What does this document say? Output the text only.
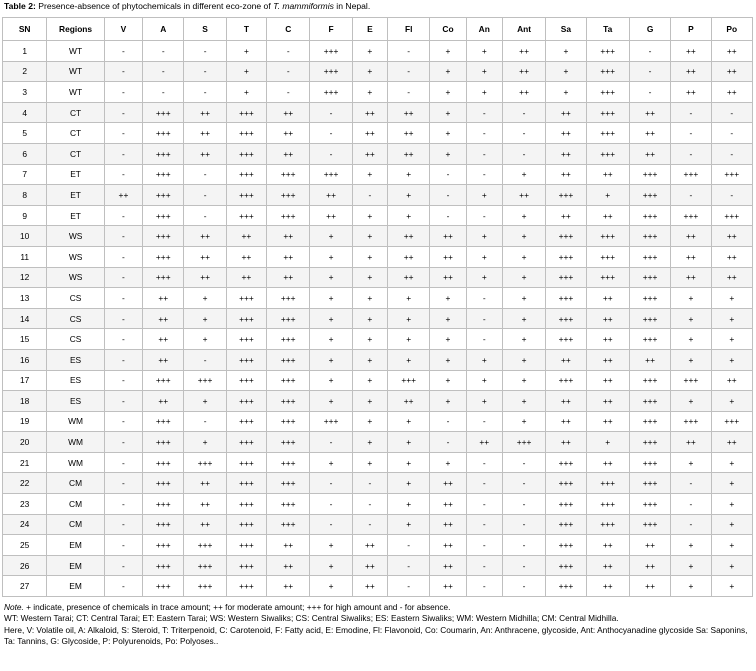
Table 2: Presence-absence of phytochemicals in different eco-zone of T. mammiformis in Nepal.
SN	Regions	V	A	S	T	C	F	E	Fl	Co	An	Ant	Sa	Ta	G	P	Po
1	WT	-	-	-	+	-	+++	+	-	+	+	++	+	+++	-	++	++
2	WT	-	-	-	+	-	+++	+	-	+	+	++	+	+++	-	++	++
3	WT	-	-	-	+	-	+++	+	-	+	+	++	+	+++	-	++	++
4	CT	-	+++	++	+++	++	-	++	++	+	-	-	++	+++	++	-	-
5	CT	-	+++	++	+++	++	-	++	++	+	-	-	++	+++	++	-	-
6	CT	-	+++	++	+++	++	-	++	++	+	-	-	++	+++	++	-	-
7	ET	-	+++	-	+++	+++	+++	+	+	-	-	+	++	++	+++	+++	+++
8	ET	++	+++	-	+++	+++	++	-	+	-	+	++	+++	+	+++	-	-
9	ET	-	+++	-	+++	+++	++	+	+	-	-	+	++	++	+++	+++	+++
10	WS	-	+++	++	++	++	+	+	++	++	+	+	+++	+++	+++	++	++
11	WS	-	+++	++	++	++	+	+	++	++	+	+	+++	+++	+++	++	++
12	WS	-	+++	++	++	++	+	+	++	++	+	+	+++	+++	+++	++	++
13	CS	-	++	+	+++	+++	+	+	+	+	-	+	+++	++	+++	+	+
14	CS	-	++	+	+++	+++	+	+	+	+	-	+	+++	++	+++	+	+
15	CS	-	++	+	+++	+++	+	+	+	+	-	+	+++	++	+++	+	+
16	ES	-	++	-	+++	+++	+	+	+	+	+	+	++	++	++	+	+
17	ES	-	+++	+++	+++	+++	+	+	+++	+	+	+	+++	++	+++	+++	++
18	ES	-	++	+	+++	+++	+	+	++	+	+	+	++	++	+++	+	+
19	WM	-	+++	-	+++	+++	+++	+	+	-	-	+	++	++	+++	+++	+++
20	WM	-	+++	+	+++	+++	-	+	+	-	++	+++	++	+	+++	++	++
21	WM	-	+++	+++	+++	+++	+	+	+	+	-	-	+++	++	+++	+	+
22	CM	-	+++	++	+++	+++	-	-	+	++	-	-	+++	+++	+++	-	+
23	CM	-	+++	++	+++	+++	-	-	+	++	-	-	+++	+++	+++	-	+
24	CM	-	+++	++	+++	+++	-	-	+	++	-	-	+++	+++	+++	-	+
25	EM	-	+++	+++	+++	++	+	++	-	++	-	-	+++	++	++	+	+
26	EM	-	+++	+++	+++	++	+	++	-	++	-	-	+++	++	++	+	+
27	EM	-	+++	+++	+++	++	+	++	-	++	-	-	+++	++	++	+	+

Note. + indicate, presence of chemicals in trace amount; ++ for moderate amount; +++ for high amount and - for absence.

WT: Western Tarai; CT: Central Tarai; ET: Eastern Tarai; WS: Western Siwaliks; CS: Central Siwaliks; ES: Eastern Siwaliks; WM: Western Midhilla; CM: Central Midhilla.

Here, V: Volatile oil, A: Alkaloid, S: Steroid, T: Triterpenoid, C: Carotenoid, F: Fatty acid, E: Emodine, Fl: Flavonoid, Co: Coumarin, An: Anthracene, glycoside, Ant: Anthocyanadine glycoside Sa: Saponins, Ta: Tannins, G: Glycoside, P: Polyurenoids, Po: Polyoses..
